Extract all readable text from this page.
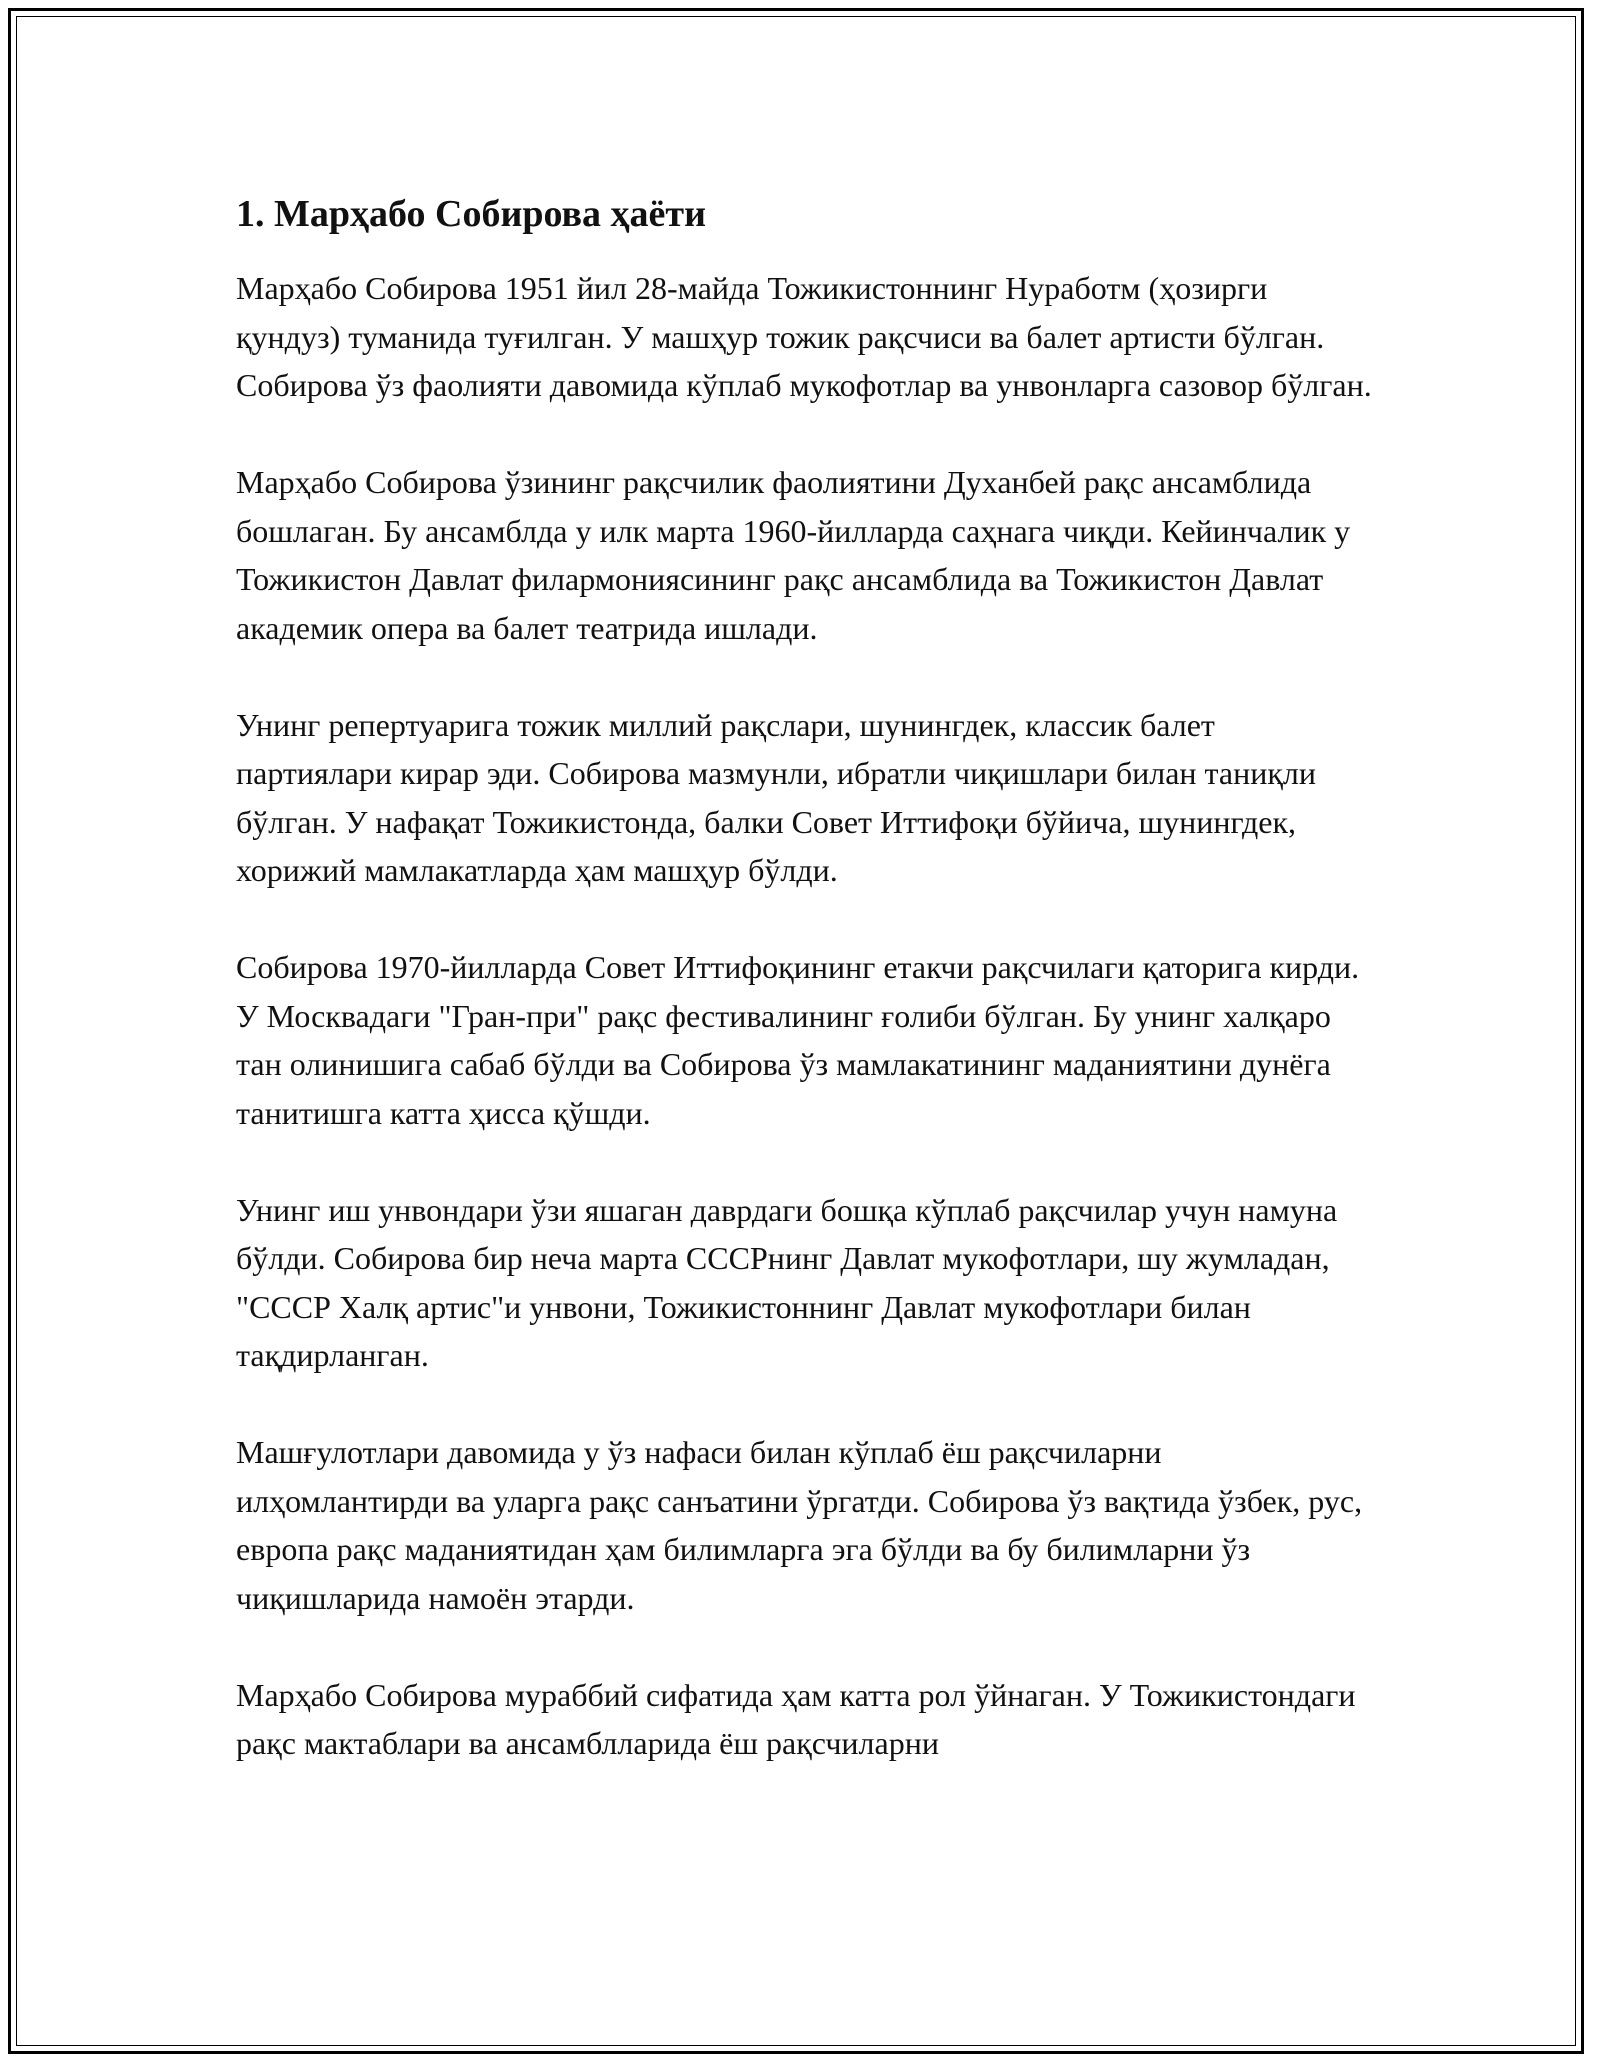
1. Марҳабо Собирова ҳаёти

Марҳабо Собирова 1951 йил 28-майда Тожикистоннинг Нуработм (ҳозирги қундуз) туманида туғилган. У машҳур тожик рақсчиси ва балет артисти бўлган. Собирова ўз фаолияти давомида кўплаб мукофотлар ва унвонларга сазовор бўлган.

Марҳабо Собирова ўзининг рақсчилик фаолиятини Духанбей рақс ансамблида бошлаган. Бу ансамблда у илк марта 1960-йилларда саҳнага чиқди. Кейинчалик у Тожикистон Давлат филармониясининг рақс ансамблида ва Тожикистон Давлат академик опера ва балет театрида ишлади.

Унинг репертуарига тожик миллий рақслари, шунингдек, классик балет партиялари кирар эди. Собирова мазмунли, ибратли чиқишлари билан таниқли бўлган. У нафақат Тожикистонда, балки Совет Иттифоқи бўйича, шунингдек, хорижий мамлакатларда ҳам машҳур бўлди.

Собирова 1970-йилларда Совет Иттифоқининг етакчи рақсчилаги қаторига кирди. У Москвадаги "Гран-при" рақс фестивалининг ғолиби бўлган. Бу унинг халқаро тан олинишига сабаб бўлди ва Собирова ўз мамлакатининг маданиятини дунёга танитишга катта ҳисса қўшди.

Унинг иш унвондари ўзи яшаган даврдаги бошқа кўплаб рақсчилар учун намуна бўлди. Собирова бир неча марта СССРнинг Давлат мукофотлари, шу жумладан, "СССР Халқ артис"и унвони, Тожикистоннинг Давлат мукофотлари билан тақдирланган.

Машғулотлари давомида у ўз нафаси билан кўплаб ёш рақсчиларни илҳомлантирди ва уларга рақс санъатини ўргатди. Собирова ўз вақтида ўзбек, рус, европа рақс маданиятидан ҳам билимларга эга бўлди ва бу билимларни ўз чиқишларида намоён этарди.

Марҳабо Собирова мураббий сифатида ҳам катта рол ўйнаган. У Тожикистондаги рақс мактаблари ва ансамблларида ёш рақсчиларни
